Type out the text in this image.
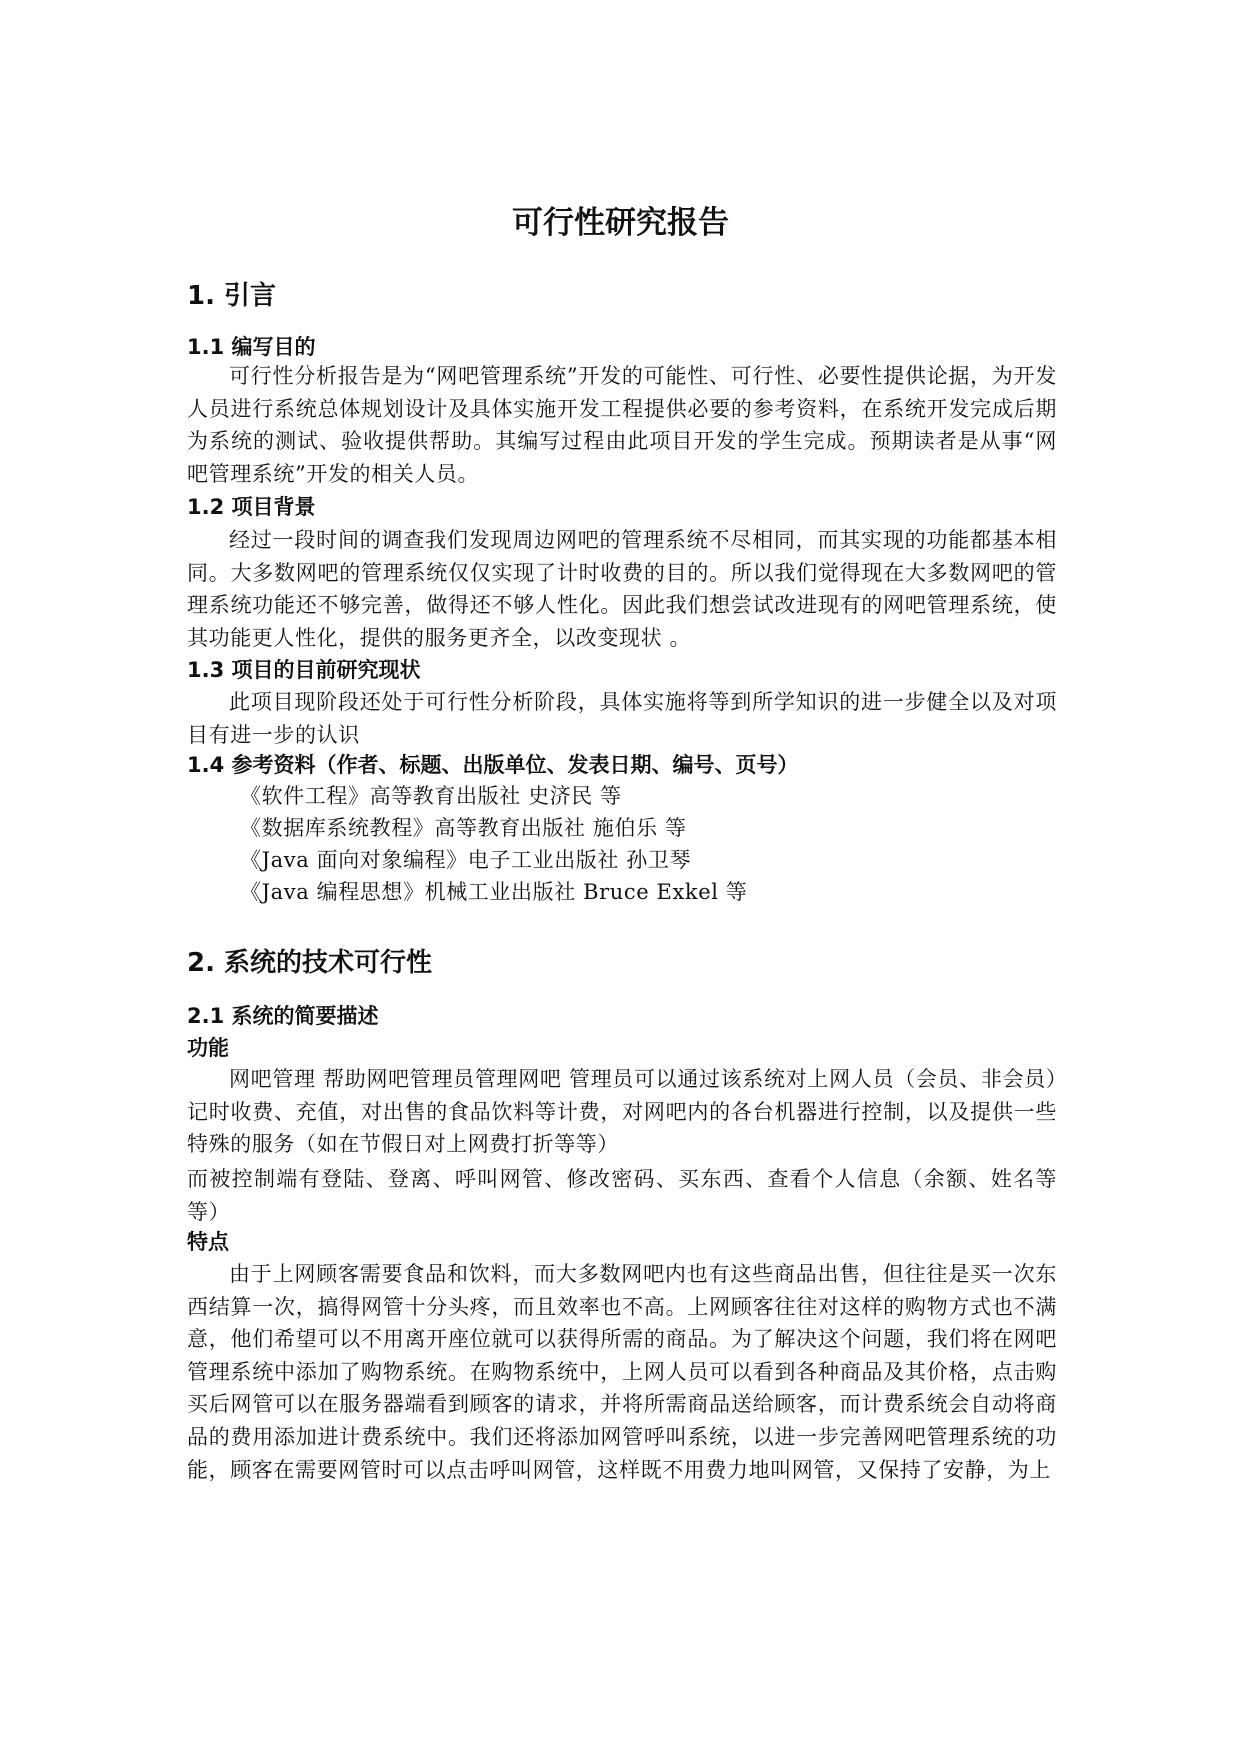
可行性研究报告
1. 引言
1.1 编写目的

可行性分析报告是为“网吧管理系统”开发的可能性、可行性、必要性提供论据，为开发人员进行系统总体规划设计及具体实施开发工程提供必要的参考资料，在系统开发完成后期为系统的测试、验收提供帮助。其编写过程由此项目开发的学生完成。预期读者是从事“网吧管理系统”开发的相关人员。

1.2 项目背景

经过一段时间的调查我们发现周边网吧的管理系统不尽相同，而其实现的功能都基本相同。大多数网吧的管理系统仅仅实现了计时收费的目的。所以我们觉得现在大多数网吧的管理系统功能还不够完善，做得还不够人性化。因此我们想尝试改进现有的网吧管理系统，使其功能更人性化，提供的服务更齐全，以改变现状 。

1.3 项目的目前研究现状

此项目现阶段还处于可行性分析阶段，具体实施将等到所学知识的进一步健全以及对项目有进一步的认识

1.4 参考资料（作者、标题、出版单位、发表日期、编号、页号）
《软件工程》高等教育出版社 史济民 等
《数据库系统教程》高等教育出版社 施伯乐 等
《Java 面向对象编程》电子工业出版社 孙卫琴
《Java 编程思想》机械工业出版社 Bruce Exkel 等
2. 系统的技术可行性
2.1 系统的简要描述
功能

网吧管理 帮助网吧管理员管理网吧 管理员可以通过该系统对上网人员（会员、非会员）记时收费、充值，对出售的食品饮料等计费，对网吧内的各台机器进行控制，以及提供一些特殊的服务（如在节假日对上网费打折等等）

而被控制端有登陆、登离、呼叫网管、修改密码、买东西、查看个人信息（余额、姓名等等）

特点

由于上网顾客需要食品和饮料，而大多数网吧内也有这些商品出售，但往往是买一次东西结算一次，搞得网管十分头疼，而且效率也不高。上网顾客往往对这样的购物方式也不满意，他们希望可以不用离开座位就可以获得所需的商品。为了解决这个问题，我们将在网吧管理系统中添加了购物系统。在购物系统中，上网人员可以看到各种商品及其价格，点击购买后网管可以在服务器端看到顾客的请求，并将所需商品送给顾客，而计费系统会自动将商品的费用添加进计费系统中。我们还将添加网管呼叫系统，以进一步完善网吧管理系统的功能，顾客在需要网管时可以点击呼叫网管，这样既不用费力地叫网管，又保持了安静，为上
